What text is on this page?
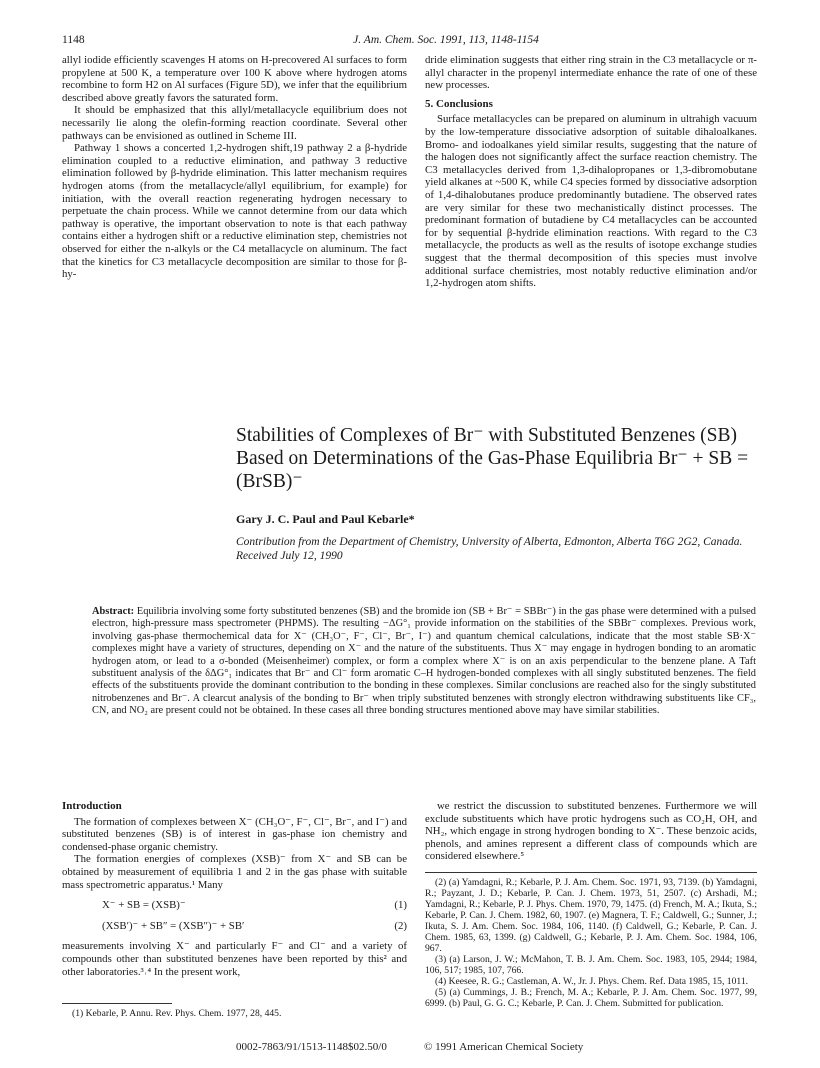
1148	J. Am. Chem. Soc. 1991, 113, 1148-1154

allyl iodide efficiently scavenges H atoms on H-precovered Al surfaces to form propylene at 500 K, a temperature over 100 K above where hydrogen atoms recombine to form H2 on Al surfaces (Figure 5D), we infer that the equilibrium described above greatly favors the saturated form.

It should be emphasized that this allyl/metallacycle equilibrium does not necessarily lie along the olefin-forming reaction coordinate. Several other pathways can be envisioned as outlined in Scheme III.

Pathway 1 shows a concerted 1,2-hydrogen shift,19 pathway 2 a β-hydride elimination coupled to a reductive elimination, and pathway 3 reductive elimination followed by β-hydride elimination. This latter mechanism requires hydrogen atoms (from the metallacycle/allyl equilibrium, for example) for initiation, with the overall reaction regenerating hydrogen necessary to perpetuate the chain process. While we cannot determine from our data which pathway is operative, the important observation to note is that each pathway contains either a hydrogen shift or a reductive elimination step, chemistries not observed for either the n-alkyls or the C4 metallacycle on aluminum. The fact that the kinetics for C3 metallacycle decomposition are similar to those for β-hy-

dride elimination suggests that either ring strain in the C3 metallacycle or π-allyl character in the propenyl intermediate enhance the rate of one of these new processes.

5. Conclusions

Surface metallacycles can be prepared on aluminum in ultrahigh vacuum by the low-temperature dissociative adsorption of suitable dihaloalkanes. Bromo- and iodoalkanes yield similar results, suggesting that the nature of the halogen does not significantly affect the surface reaction chemistry. The C3 metallacycles derived from 1,3-dihalopropanes or 1,3-dibromobutane yield alkanes at ~500 K, while C4 species formed by dissociative adsorption of 1,4-dihalobutanes produce predominantly butadiene. The observed rates are very similar for these two mechanistically distinct processes. The predominant formation of butadiene by C4 metallacycles can be accounted for by sequential β-hydride elimination reactions. With regard to the C3 metallacycle, the products as well as the results of isotope exchange studies suggest that the thermal decomposition of this species must involve additional surface chemistries, most notably reductive elimination and/or 1,2-hydrogen atom shifts.

Stabilities of Complexes of Br⁻ with Substituted Benzenes (SB) Based on Determinations of the Gas-Phase Equilibria Br⁻ + SB = (BrSB)⁻
Gary J. C. Paul and Paul Kebarle*
Contribution from the Department of Chemistry, University of Alberta, Edmonton, Alberta T6G 2G2, Canada. Received July 12, 1990
Abstract: Equilibria involving some forty substituted benzenes (SB) and the bromide ion (SB + Br⁻ = SBBr⁻) in the gas phase were determined with a pulsed electron, high-pressure mass spectrometer (PHPMS). The resulting −ΔG°₁ provide information on the stabilities of the SBBr⁻ complexes. Previous work, involving gas-phase thermochemical data for X⁻ (CH₃O⁻, F⁻, Cl⁻, Br⁻, I⁻) and quantum chemical calculations, indicate that the most stable SB·X⁻ complexes might have a variety of structures, depending on X⁻ and the nature of the substituents. Thus X⁻ may engage in hydrogen bonding to an aromatic hydrogen atom, or lead to a σ-bonded (Meisenheimer) complex, or form a complex where X⁻ is on an axis perpendicular to the benzene plane. A Taft substituent analysis of the δΔG°₁ indicates that Br⁻ and Cl⁻ form aromatic C–H hydrogen-bonded complexes with all singly substituted benzenes. The field effects of the substituents provide the dominant contribution to the bonding in these complexes. Similar conclusions are reached also for the singly substituted nitrobenzenes and Br⁻. A clearcut analysis of the bonding to Br⁻ when triply substituted benzenes with strongly electron withdrawing substituents like CF₃, CN, and NO₂ are present could not be obtained. In these cases all three bonding structures mentioned above may have similar stabilities.
Introduction

The formation of complexes between X⁻ (CH₃O⁻, F⁻, Cl⁻, Br⁻, and I⁻) and substituted benzenes (SB) is of interest in gas-phase ion chemistry and condensed-phase organic chemistry.

The formation energies of complexes (XSB)⁻ from X⁻ and SB can be obtained by measurement of equilibria 1 and 2 in the gas phase with suitable mass spectrometric apparatus.¹ Many

X⁻ + SB = (XSB)⁻	(1)
(XSB′)⁻ + SB″ = (XSB″)⁻ + SB′	(2)

measurements involving X⁻ and particularly F⁻ and Cl⁻ and a variety of compounds other than substituted benzenes have been reported by this² and other laboratories.³˒⁴ In the present work,

(1) Kebarle, P. Annu. Rev. Phys. Chem. 1977, 28, 445.

we restrict the discussion to substituted benzenes. Furthermore we will exclude substituents which have protic hydrogens such as CO₂H, OH, and NH₂, which engage in strong hydrogen bonding to X⁻. These benzoic acids, phenols, and amines represent a different class of compounds which are considered elsewhere.⁵

(2) (a) Yamdagni, R.; Kebarle, P. J. Am. Chem. Soc. 1971, 93, 7139. (b) Yamdagni, R.; Payzant, J. D.; Kebarle, P. Can. J. Chem. 1973, 51, 2507. (c) Arshadi, M.; Yamdagni, R.; Kebarle, P. J. Phys. Chem. 1970, 79, 1475. (d) French, M. A.; Ikuta, S.; Kebarle, P. Can. J. Chem. 1982, 60, 1907. (e) Magnera, T. F.; Caldwell, G.; Sunner, J.; Ikuta, S. J. Am. Chem. Soc. 1984, 106, 1140. (f) Caldwell, G.; Kebarle, P. Can. J. Chem. 1985, 63, 1399. (g) Caldwell, G.; Kebarle, P. J. Am. Chem. Soc. 1984, 106, 967.

(3) (a) Larson, J. W.; McMahon, T. B. J. Am. Chem. Soc. 1983, 105, 2944; 1984, 106, 517; 1985, 107, 766.

(4) Keesee, R. G.; Castleman, A. W., Jr. J. Phys. Chem. Ref. Data 1985, 15, 1011.

(5) (a) Cummings, J. B.; French, M. A.; Kebarle, P. J. Am. Chem. Soc. 1977, 99, 6999. (b) Paul, G. G. C.; Kebarle, P. Can. J. Chem. Submitted for publication.

0002-7863/91/1513-1148$02.50/0	© 1991 American Chemical Society
